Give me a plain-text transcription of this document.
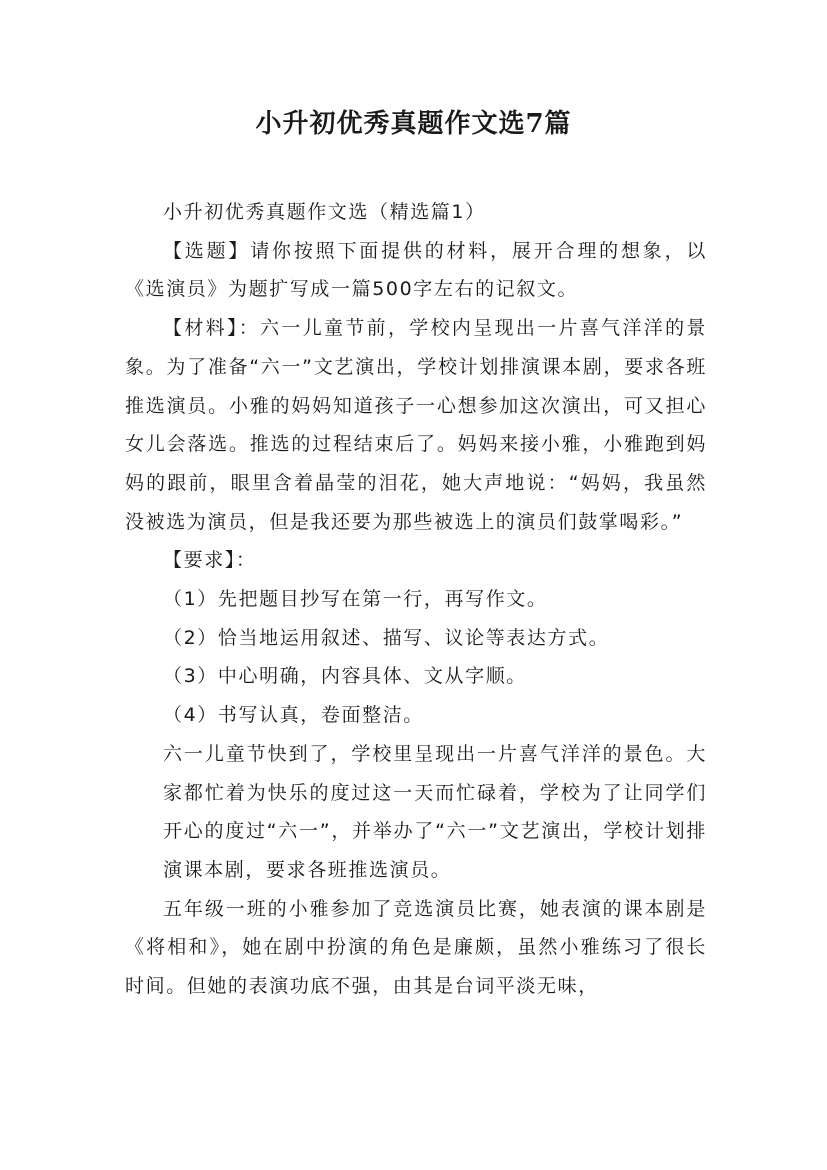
小升初优秀真题作文选7篇

小升初优秀真题作文选（精选篇1）

【选题】请你按照下面提供的材料，展开合理的想象，以《选演员》为题扩写成一篇500字左右的记叙文。

【材料】：六一儿童节前，学校内呈现出一片喜气洋洋的景象。为了准备“六一”文艺演出，学校计划排演课本剧，要求各班推选演员。小雅的妈妈知道孩子一心想参加这次演出，可又担心女儿会落选。推选的过程结束后了。妈妈来接小雅，小雅跑到妈妈的跟前，眼里含着晶莹的泪花，她大声地说：“妈妈，我虽然没被选为演员，但是我还要为那些被选上的演员们鼓掌喝彩。”

【要求】：

（1）先把题目抄写在第一行，再写作文。

（2）恰当地运用叙述、描写、议论等表达方式。

（3）中心明确，内容具体、文从字顺。

（4）书写认真，卷面整洁。

六一儿童节快到了，学校里呈现出一片喜气洋洋的景色。大家都忙着为快乐的度过这一天而忙碌着，学校为了让同学们开心的度过“六一”，并举办了“六一”文艺演出，学校计划排演课本剧，要求各班推选演员。

五年级一班的小雅参加了竞选演员比赛，她表演的课本剧是《将相和》，她在剧中扮演的角色是廉颇，虽然小雅练习了很长时间。但她的表演功底不强，由其是台词平淡无味，
